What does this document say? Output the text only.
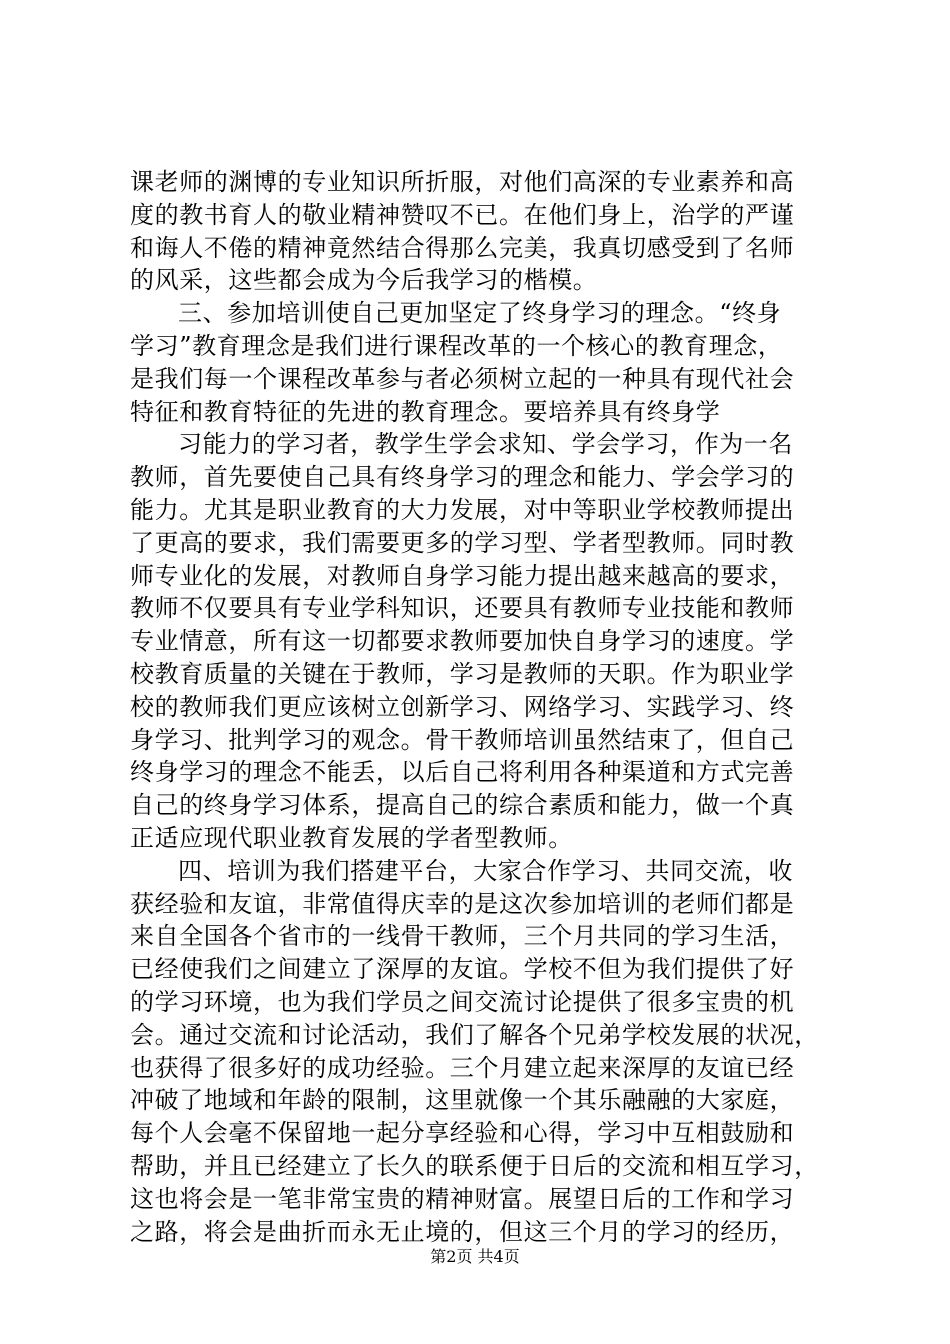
课老师的渊博的专业知识所折服，对他们高深的专业素养和高
度的教书育人的敬业精神赞叹不已。在他们身上，治学的严谨
和诲人不倦的精神竟然结合得那么完美，我真切感受到了名师
的风采，这些都会成为今后我学习的楷模。
三、参加培训使自己更加坚定了终身学习的理念。“终身
学习”教育理念是我们进行课程改革的一个核心的教育理念，
是我们每一个课程改革参与者必须树立起的一种具有现代社会
特征和教育特征的先进的教育理念。要培养具有终身学
习能力的学习者，教学生学会求知、学会学习，作为一名
教师，首先要使自己具有终身学习的理念和能力、学会学习的
能力。尤其是职业教育的大力发展，对中等职业学校教师提出
了更高的要求，我们需要更多的学习型、学者型教师。同时教
师专业化的发展，对教师自身学习能力提出越来越高的要求，
教师不仅要具有专业学科知识，还要具有教师专业技能和教师
专业情意，所有这一切都要求教师要加快自身学习的速度。学
校教育质量的关键在于教师，学习是教师的天职。作为职业学
校的教师我们更应该树立创新学习、网络学习、实践学习、终
身学习、批判学习的观念。骨干教师培训虽然结束了，但自己
终身学习的理念不能丢，以后自己将利用各种渠道和方式完善
自己的终身学习体系，提高自己的综合素质和能力，做一个真
正适应现代职业教育发展的学者型教师。
四、培训为我们搭建平台，大家合作学习、共同交流，收
获经验和友谊，非常值得庆幸的是这次参加培训的老师们都是
来自全国各个省市的一线骨干教师，三个月共同的学习生活，
已经使我们之间建立了深厚的友谊。学校不但为我们提供了好
的学习环境，也为我们学员之间交流讨论提供了很多宝贵的机
会。通过交流和讨论活动，我们了解各个兄弟学校发展的状况，
也获得了很多好的成功经验。三个月建立起来深厚的友谊已经
冲破了地域和年龄的限制，这里就像一个其乐融融的大家庭，
每个人会毫不保留地一起分享经验和心得，学习中互相鼓励和
帮助，并且已经建立了长久的联系便于日后的交流和相互学习，
这也将会是一笔非常宝贵的精神财富。展望日后的工作和学习
之路，将会是曲折而永无止境的，但这三个月的学习的经历，
第2页 共4页
